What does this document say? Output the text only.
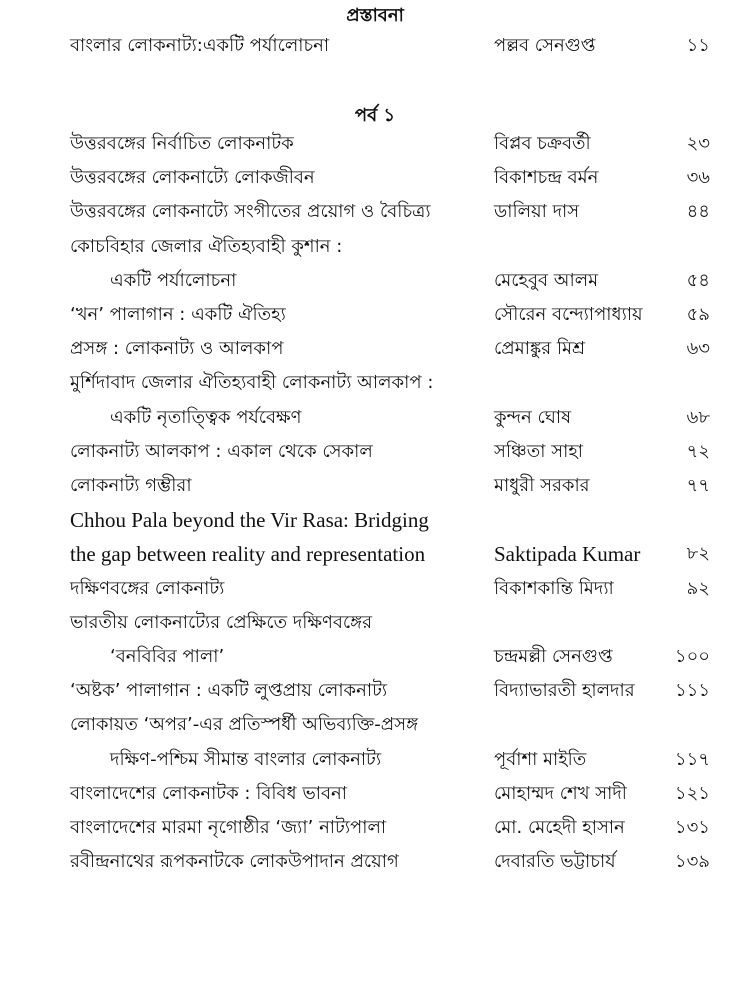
প্রস্তাবনা
বাংলার লোকনাট্য:একটি পর্যালোচনা	পল্লব সেনগুপ্ত	১১
পর্ব ১
উত্তরবঙ্গের নির্বাচিত লোকনাটক	বিপ্লব চক্রবর্তী	২৩
উত্তরবঙ্গের লোকনাট্যে লোকজীবন	বিকাশচন্দ্র বর্মন	৩৬
উত্তরবঙ্গের লোকনাট্যে সংগীতের প্রয়োগ ও বৈচিত্র্য	ডালিয়া দাস	৪৪
কোচবিহার জেলার ঐতিহ্যবাহী কুশান :
একটি পর্যালোচনা	মেহেবুব আলম	৫৪
‘খন’ পালাগান : একটি ঐতিহ্য	সৌরেন বন্দ্যোপাধ্যায় ৫৯
প্রসঙ্গ : লোকনাট্য ও আলকাপ	প্রেমাঙ্কুর মিশ্র	৬৩
মুর্শিদাবাদ জেলার ঐতিহ্যবাহী লোকনাট্য আলকাপ :
একটি নৃতাত্ত্বিক পর্যবেক্ষণ	কুন্দন ঘোষ	৬৮
লোকনাট্য আলকাপ : একাল থেকে সেকাল	সঞ্চিতা সাহা	৭২
লোকনাট্য গম্ভীরা	মাধুরী সরকার	৭৭
Chhou Pala beyond the Vir Rasa: Bridging
the gap between reality and representation	Saktipada Kumar	৮২
দক্ষিণবঙ্গের লোকনাট্য	বিকাশকান্তি মিদ্যা	৯২
ভারতীয় লোকনাট্যের প্রেক্ষিতে দক্ষিণবঙ্গের
‘বনবিবির পালা’	চন্দ্রমল্লী সেনগুপ্ত	১০০
‘অষ্টক’ পালাগান : একটি লুপ্তপ্রায় লোকনাট্য	বিদ্যাভারতী হালদার ১১১
লোকায়ত ‘অপর’-এর প্রতিস্পর্ধী অভিব্যক্তি-প্রসঙ্গ
দক্ষিণ-পশ্চিম সীমান্ত বাংলার লোকনাট্য	পূর্বাশা মাইতি	১১৭
বাংলাদেশের লোকনাটক : বিবিধ ভাবনা	মোহাম্মদ শেখ সাদী	১২১
বাংলাদেশের মারমা নৃগোষ্ঠীর ‘জ্যা’ নাট্যপালা	মো. মেহেদী হাসান	১৩১
রবীন্দ্রনাথের রূপকনাটকে লোকউপাদান প্রয়োগ	দেবারতি ভট্টাচার্য	১৩৯
